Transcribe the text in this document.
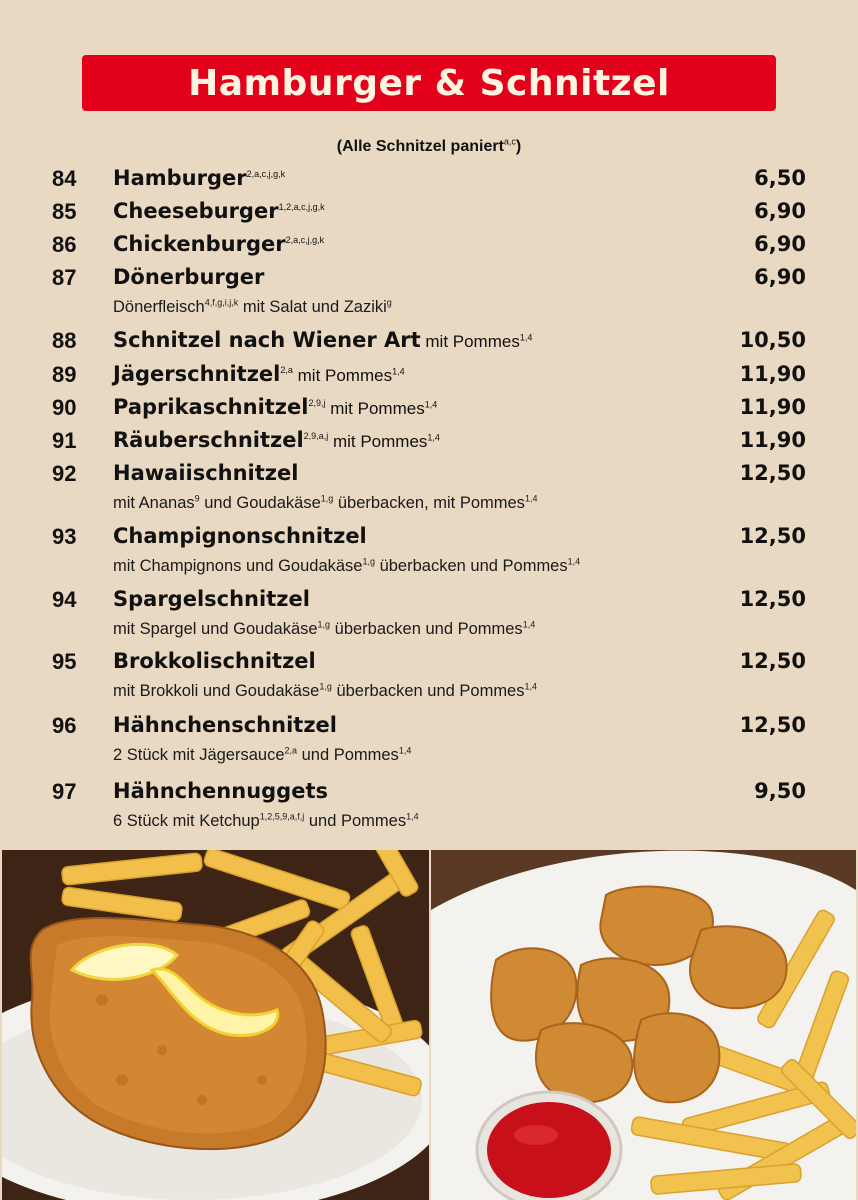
Hamburger & Schnitzel
(Alle Schnitzel paniert$^{a,c}$)
84 Hamburger$^{2,a,c,j,g,k}$	6,50
85 Cheeseburger$^{1,2,a,c,j,g,k}$	6,90
86 Chickenburger$^{2,a,c,j,g,k}$	6,90
87 Dönerburger	6,90
Dönerfleisch$^{4,f,g,i,j,k}$ mit Salat und Zaziki$^g$
88 Schnitzel nach Wiener Art mit Pommes$^{1,4}$	10,50
89 Jägerschnitzel$^{2,a}$ mit Pommes$^{1,4}$	11,90
90 Paprikaschnitzel$^{2,9,j}$ mit Pommes$^{1,4}$	11,90
91 Räuberschnitzel$^{2,9,a,j}$ mit Pommes$^{1,4}$	11,90
92 Hawaiischnitzel	12,50
mit Ananas$^9$ und Goudakäse$^{1,g}$ überbacken, mit Pommes$^{1,4}$
93 Champignonschnitzel	12,50
mit Champignons und Goudakäse$^{1,g}$ überbacken und Pommes$^{1,4}$
94 Spargelschnitzel	12,50
mit Spargel und Goudakäse$^{1,g}$ überbacken und Pommes$^{1,4}$
95 Brokkolischnitzel	12,50
mit Brokkoli und Goudakäse$^{1,g}$ überbacken und Pommes$^{1,4}$
96 Hähnchenschnitzel	12,50
2 Stück mit Jägersauce$^{2,a}$ und Pommes$^{1,4}$
97 Hähnchennuggets	9,50
6 Stück mit Ketchup$^{1,2,5,9,a,f,j}$ und Pommes$^{1,4}$
